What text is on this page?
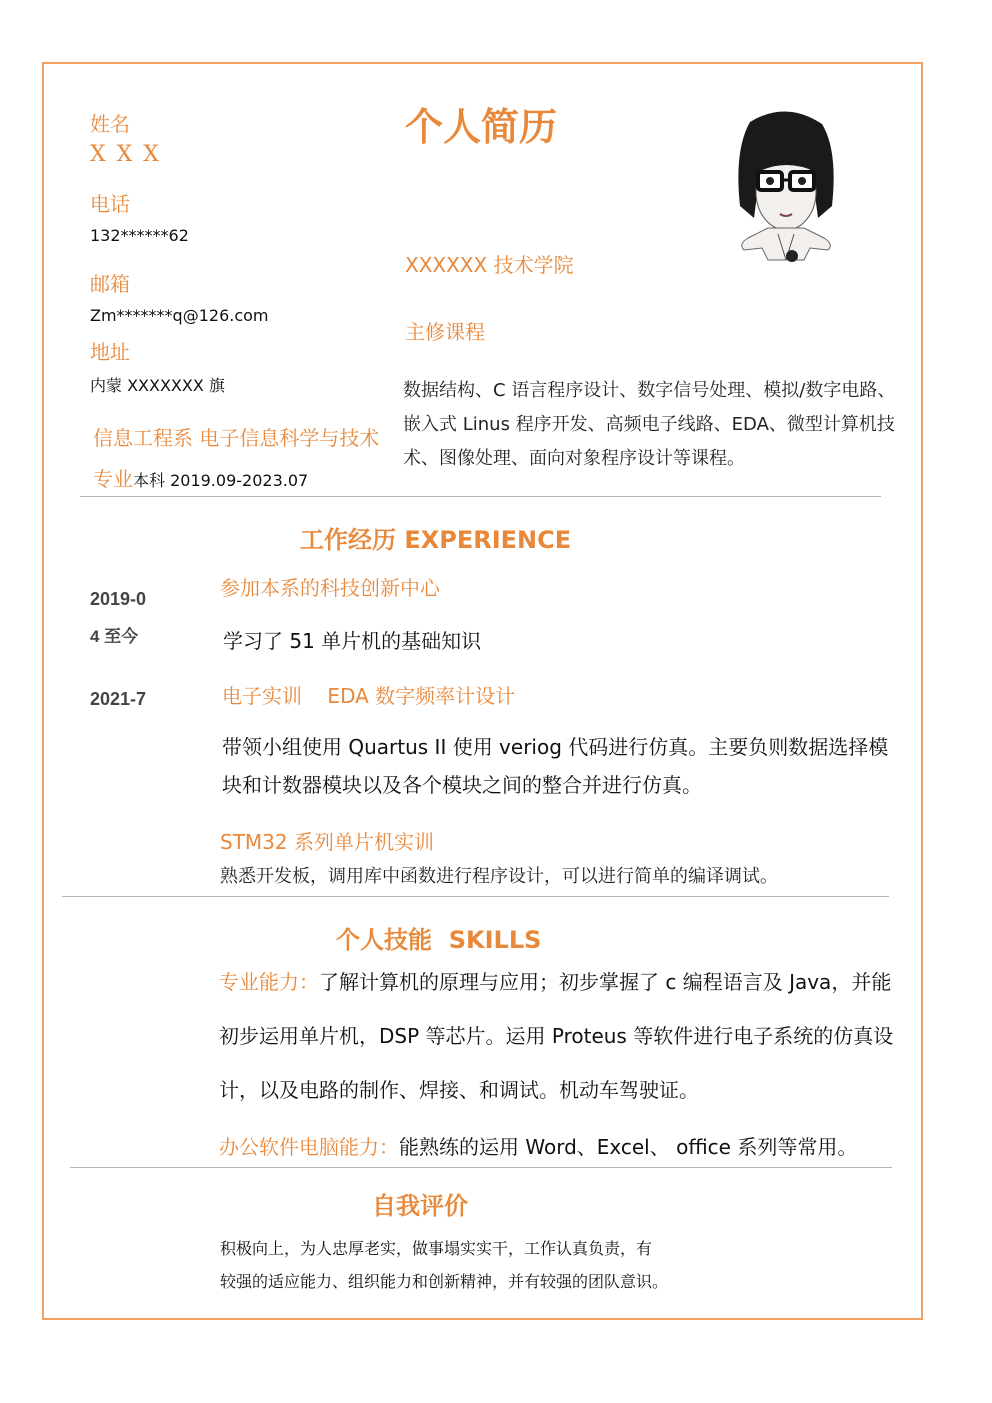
个人简历
姓名
X X X
电话
132******62
邮箱
Zm*******q@126.com
地址
内蒙 XXXXXXX 旗
信息工程系 电子信息科学与技术
专业本科 2019.09-2023.07
XXXXXX 技术学院
主修课程
数据结构、C 语言程序设计、数字信号处理、模拟/数字电路、嵌入式 Linus 程序开发、高频电子线路、EDA、微型计算机技术、图像处理、面向对象程序设计等课程。
工作经历 EXPERIENCE
2019-0
4 至今
2021-7
参加本系的科技创新中心
学习了 51 单片机的基础知识
电子实训    EDA 数字频率计设计
带领小组使用 Quartus II 使用 veriog 代码进行仿真。主要负则数据选择模块和计数器模块以及各个模块之间的整合并进行仿真。
STM32 系列单片机实训
熟悉开发板，调用库中函数进行程序设计，可以进行简单的编译调试。
个人技能  SKILLS
专业能力：了解计算机的原理与应用；初步掌握了 c 编程语言及 Java，并能初步运用单片机，DSP 等芯片。运用 Proteus 等软件进行电子系统的仿真设计，以及电路的制作、焊接、和调试。机动车驾驶证。
办公软件电脑能力：能熟练的运用 Word、Excel、 office 系列等常用。
自我评价
积极向上，为人忠厚老实，做事塌实实干，工作认真负责，有
较强的适应能力、组织能力和创新精神，并有较强的团队意识。
